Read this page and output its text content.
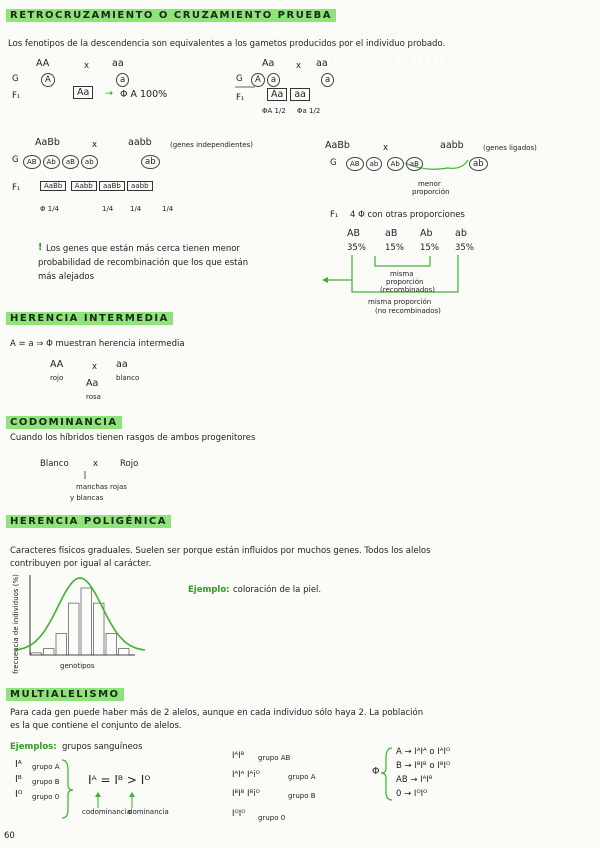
· · · · · ·
· · · · · · · · · · · · · · · ·
· · · · ·
· · · · · · ·
RETROCRUZAMIENTO O CRUZAMIENTO PRUEBA
Los fenotipos de la descendencia son equivalentes a los gametos producidos por el individuo probado.
AA	x aa
G	A	a
F₁	Aa	→ Φ A 100%
Aa	x aa
G	A a	a
F₁	Aa aa
ΦA 1/2 Φa 1/2
AaBb	x	aabb	(genes independientes)
G	AB Ab aB ab	ab
F₁	AaBb Aabb aaBb aabb
Φ 1/4	1/4 1/4	1/4
AaBb	x	aabb	(genes ligados)
G	AB ab Ab aB	ab
menor
proporción
F₁ 4 Φ con otras proporciones
AB	aB Ab ab
35% 15% 15% 35%
misma
proporción
(recombinados)
misma proporción
(no recombinados)
! Los genes que están más cerca tienen menor
probabilidad de recombinación que los que están
más alejados
HERENCIA INTERMEDIA
A = a ⇒ Φ muestran herencia intermedia
AA
rojo
x aa
blanco
Aa
rosa
CODOMINANCIA
Cuando los híbridos tienen rasgos de ambos progenitores
Blanco	x	Rojo
manchas rojas
y blancas
HERENCIA POLIGÉNICA
Caracteres físicos graduales. Suelen ser porque están influidos por muchos genes. Todos los alelos
contribuyen por igual al carácter.
frecuencia de individuos (%)	genotipos
Ejemplo: coloración de la piel.
MULTIALELISMO
Para cada gen puede haber más de 2 alelos, aunque en cada individuo sólo haya 2. La población
es la que contiene el conjunto de alelos.
Ejemplos: grupos sanguíneos
Iᴬ grupo A
Iᴮ grupo B
Iᴼ grupo 0
Iᴬ = Iᴮ > Iᴼ
codominancia
dominancia
IᴬIᴮ grupo AB
IᴬIᴬ Iᴬiᴼ	grupo A
IᴮIᴮ Iᴮiᴼ	grupo B
IᴼIᴼ grupo 0
Φ
A → IᴬIᴬ o IᴬIᴼ
B → IᴮIᴮ o IᴮIᴼ
AB → IᴬIᴮ
0 → IᴼIᴼ
60
